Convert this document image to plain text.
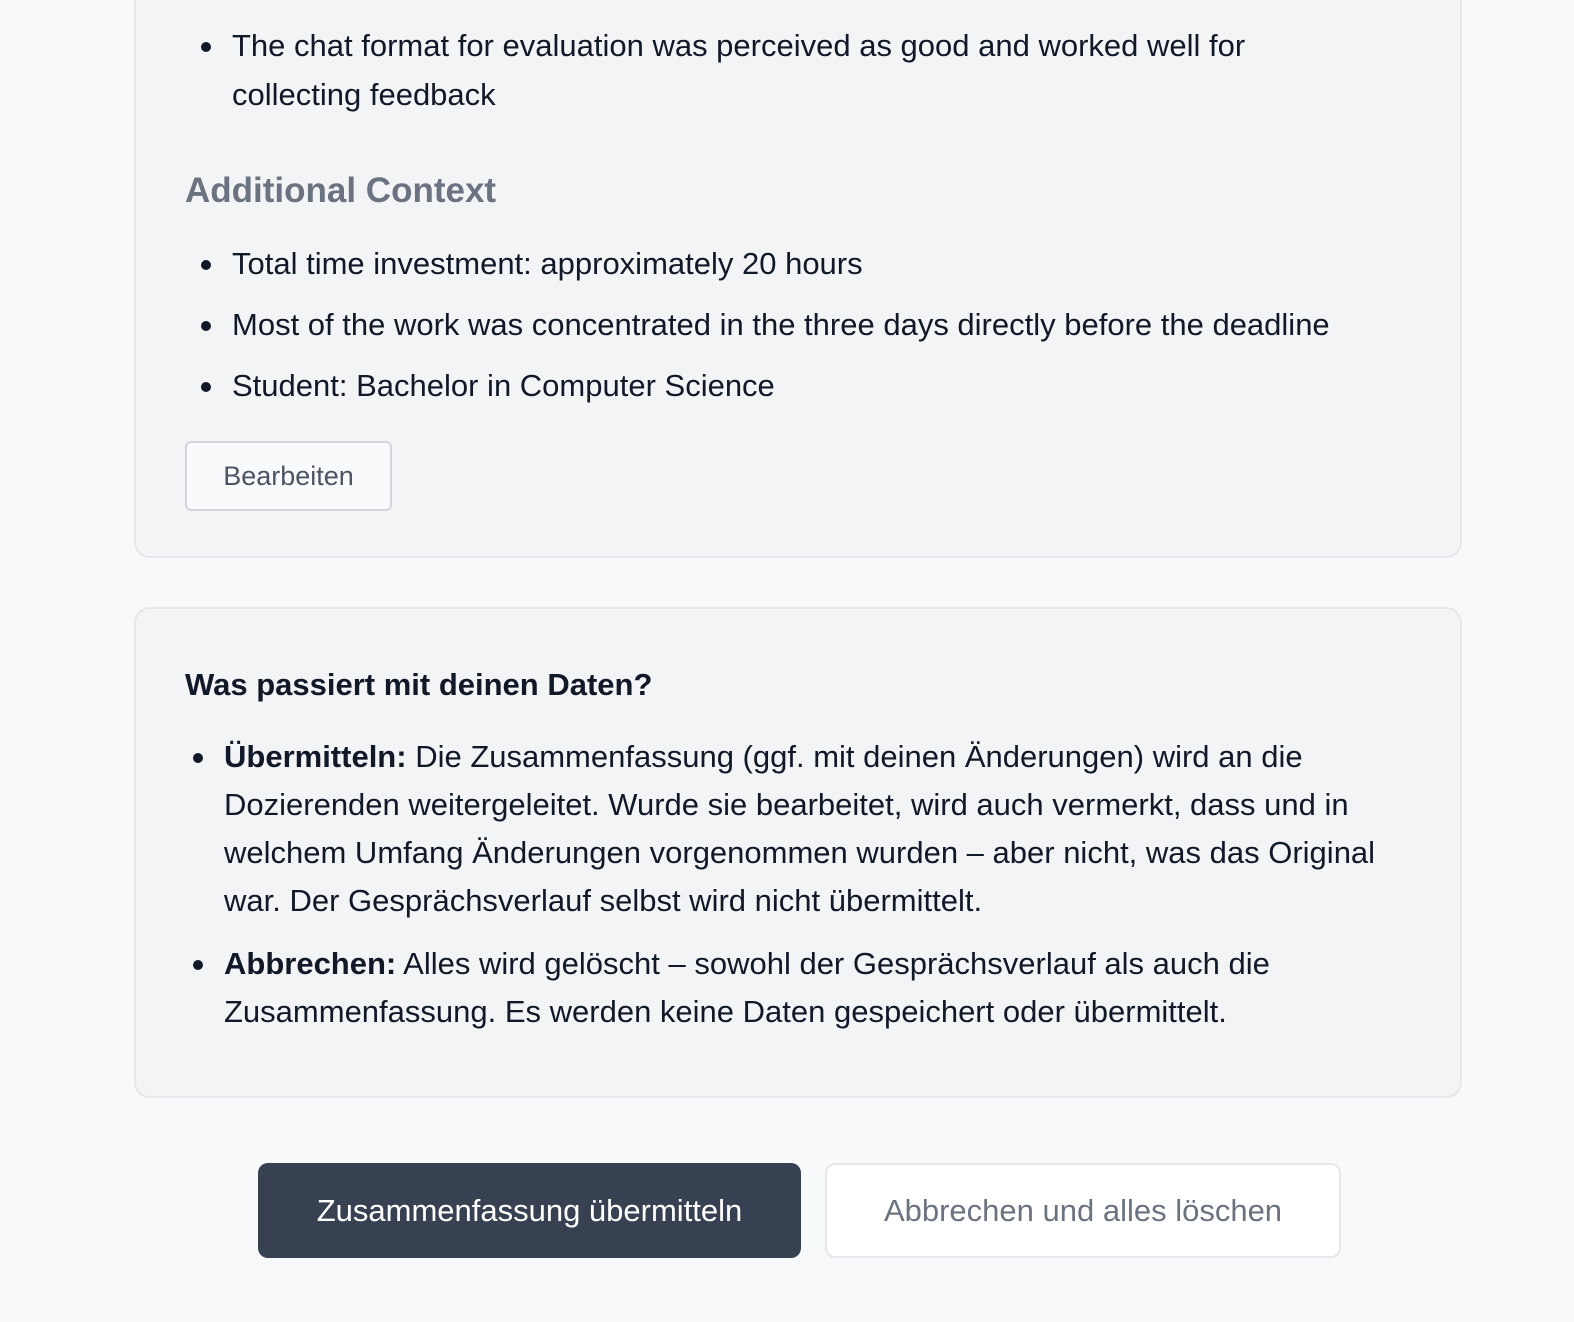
The chat format for evaluation was perceived as good and worked well for collecting feedback
Additional Context
Total time investment: approximately 20 hours
Most of the work was concentrated in the three days directly before the deadline
Student: Bachelor in Computer Science
Bearbeiten
Was passiert mit deinen Daten?
Übermitteln: Die Zusammenfassung (ggf. mit deinen Änderungen) wird an die Dozierenden weitergeleitet. Wurde sie bearbeitet, wird auch vermerkt, dass und in welchem Umfang Änderungen vorgenommen wurden – aber nicht, was das Original war. Der Gesprächsverlauf selbst wird nicht übermittelt.
Abbrechen: Alles wird gelöscht – sowohl der Gesprächsverlauf als auch die Zusammenfassung. Es werden keine Daten gespeichert oder übermittelt.
Zusammenfassung übermitteln	Abbrechen und alles löschen
